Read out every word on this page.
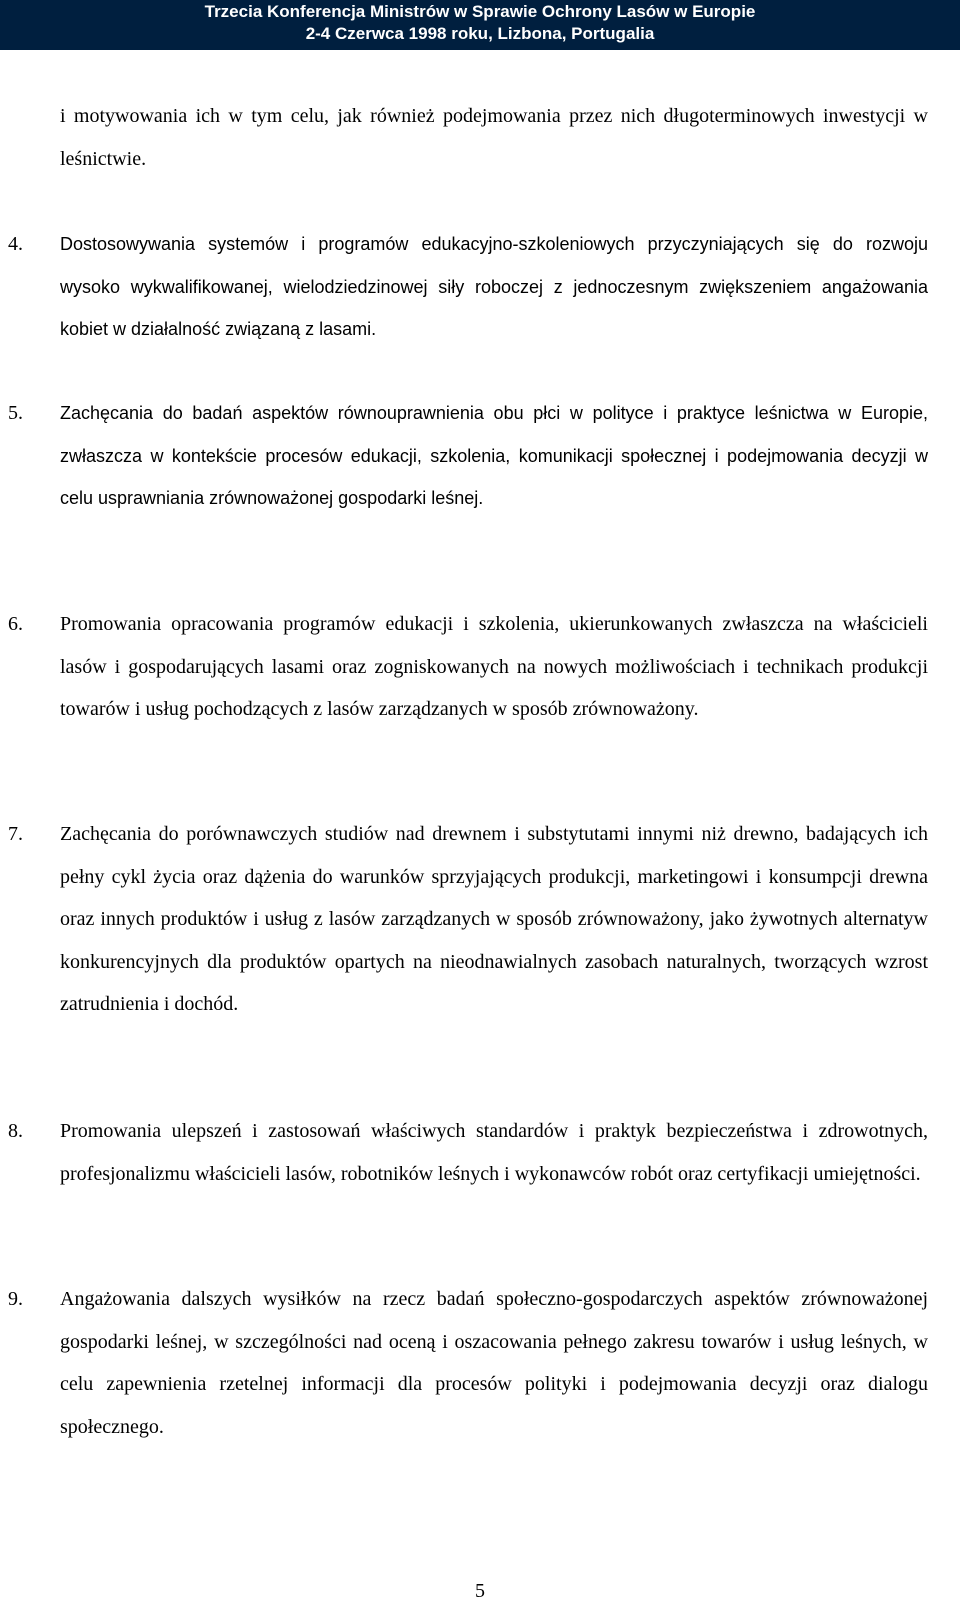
Trzecia Konferencja Ministrów w Sprawie Ochrony Lasów w Europie
2-4 Czerwca 1998 roku, Lizbona, Portugalia
i motywowania ich w tym celu, jak również podejmowania przez nich długoterminowych inwestycji w leśnictwie.
4. Dostosowywania systemów i programów edukacyjno-szkoleniowych przyczyniających się do rozwoju wysoko wykwalifikowanej, wielodziedzinowej siły roboczej z jednoczesnym zwiększeniem angażowania kobiet w działalność związaną z lasami.
5. Zachęcania do badań aspektów równouprawnienia obu płci w polityce i praktyce leśnictwa w Europie, zwłaszcza w kontekście procesów edukacji, szkolenia, komunikacji społecznej i podejmowania decyzji w celu usprawniania zrównoważonej gospodarki leśnej.
6. Promowania opracowania programów edukacji i szkolenia, ukierunkowanych zwłaszcza na właścicieli lasów i gospodarujących lasami oraz zogniskowanych na nowych możliwościach i technikach produkcji towarów i usług pochodzących z lasów zarządzanych w sposób zrównoważony.
7. Zachęcania do porównawczych studiów nad drewnem i substytutami innymi niż drewno, badających ich pełny cykl życia oraz dążenia do warunków sprzyjających produkcji, marketingowi i konsumpcji drewna oraz innych produktów i usług z lasów zarządzanych w sposób zrównoważony, jako żywotnych alternatyw konkurencyjnych dla produktów opartych na nieodnawialnych zasobach naturalnych, tworzących wzrost zatrudnienia i dochód.
8. Promowania ulepszeń i zastosowań właściwych standardów i praktyk bezpieczeństwa i zdrowotnych, profesjonalizmu właścicieli lasów, robotników leśnych i wykonawców robót oraz certyfikacji umiejętności.
9. Angażowania dalszych wysiłków na rzecz badań społeczno-gospodarczych aspektów zrównoważonej gospodarki leśnej, w szczególności nad oceną i oszacowania pełnego zakresu towarów i usług leśnych, w celu zapewnienia rzetelnej informacji dla procesów polityki i podejmowania decyzji oraz dialogu społecznego.
5
